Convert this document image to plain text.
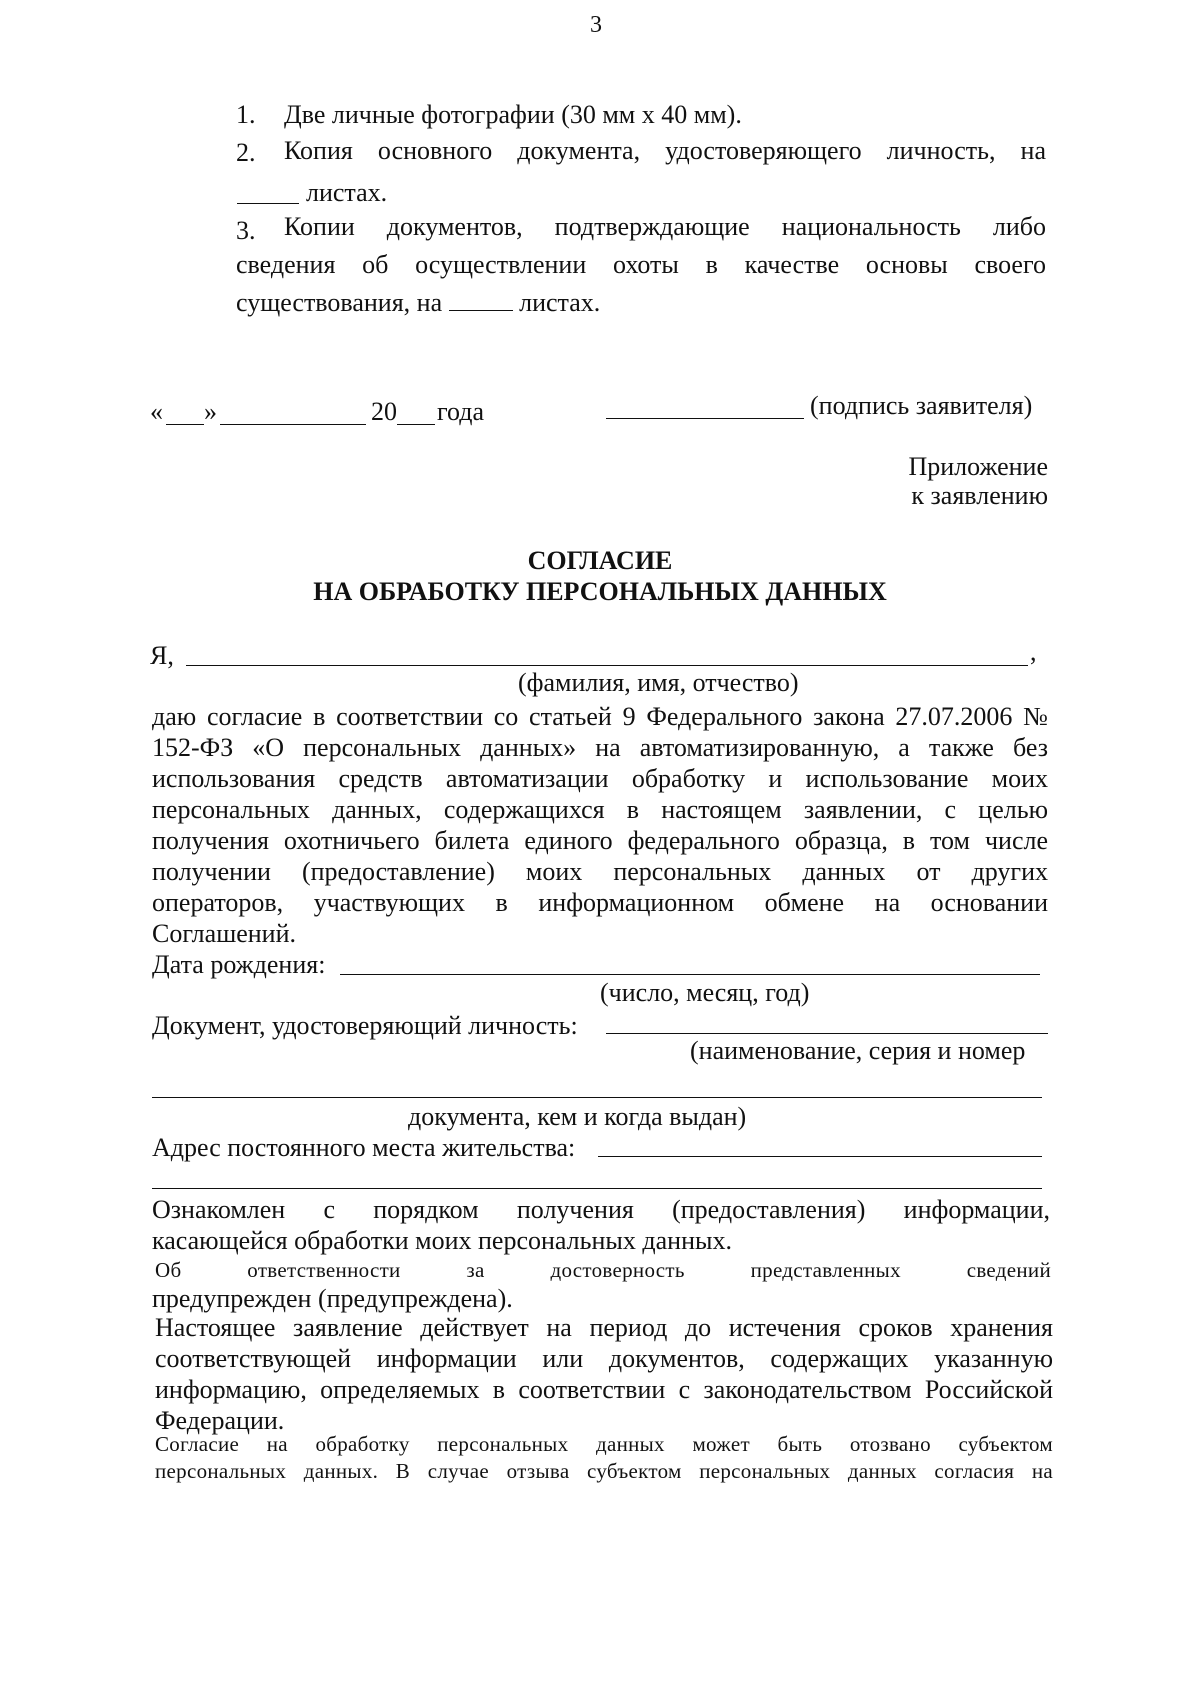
3
1. Две личные фотографии (30 мм х 40 мм).
2. Копия основного документа, удостоверяющего личность, на
листах.
3. Копии документов, подтверждающие национальность либо
сведения об осуществлении охоты в качестве основы своего
существования, на	листах.
« »	20 года	(подпись заявителя)
Приложение
к заявлению
СОГЛАСИЕ
НА ОБРАБОТКУ ПЕРСОНАЛЬНЫХ ДАННЫХ
Я,	,
(фамилия, имя, отчество)
даю согласие в соответствии со статьей 9 Федерального закона 27.07.2006 №
152-ФЗ «О персональных данных» на автоматизированную, а также без
использования средств автоматизации обработку и использование моих
персональных данных, содержащихся в настоящем заявлении, с целью
получения охотничьего билета единого федерального образца, в том числе
получении (предоставление) моих персональных данных от других
операторов, участвующих в информационном обмене на основании
Соглашений.
Дата рождения:
(число, месяц, год)
Документ, удостоверяющий личность:
(наименование, серия и номер
документа, кем и когда выдан)
Адрес постоянного места жительства:
Ознакомлен с порядком получения (предоставления) информации,
касающейся обработки моих персональных данных.
Об ответственности за достоверность представленных сведений
предупрежден (предупреждена).
Настоящее заявление действует на период до истечения сроков хранения
соответствующей информации или документов, содержащих указанную
информацию, определяемых в соответствии с законодательством Российской
Федерации.
Согласие на обработку персональных данных может быть отозвано субъектом
персональных данных. В случае отзыва субъектом персональных данных согласия на
